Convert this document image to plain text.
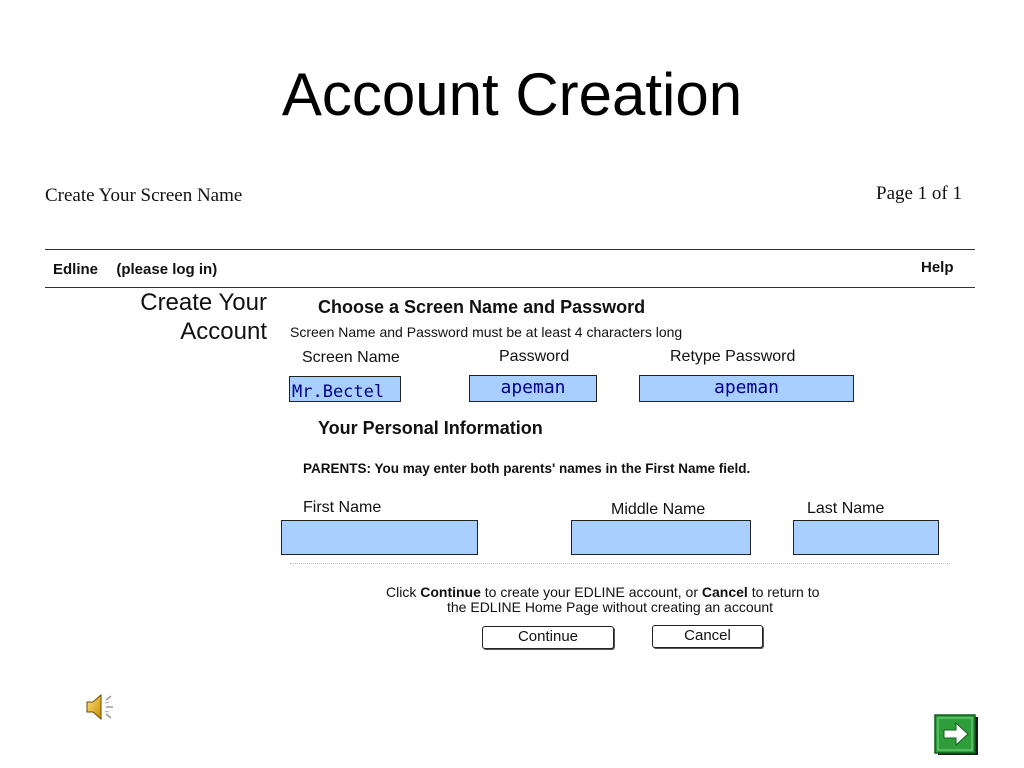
Account Creation
Create Your Screen Name	Page 1 of 1
Edline (please log in)	Help
Create Your
Account
Choose a Screen Name and Password
Screen Name and Password must be at least 4 characters long
Screen Name	Password	Retype Password
Mr.Bectel	apeman	apeman
Your Personal Information
PARENTS: You may enter both parents' names in the First Name field.
First Name	Middle Name	Last Name
Click Continue to create your EDLINE account, or Cancel to return to
the EDLINE Home Page without creating an account
Continue	Cancel
